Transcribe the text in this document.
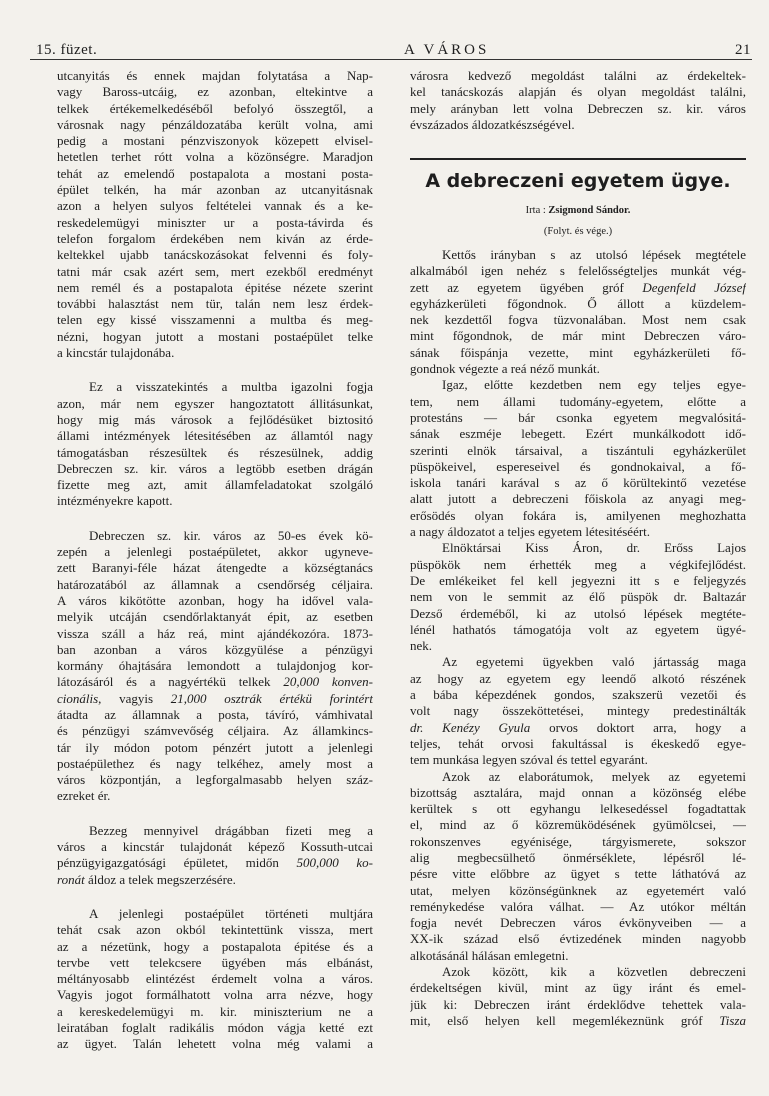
15. füzet.	A VÁROS	21
utcanyitás és ennek majdan folytatása a Nap-
vagy Baross-utcáig, ez azonban, eltekintve a
telkek értékemelkedéséből befolyó összegtől, a
városnak nagy pénzáldozatába került volna, ami
pedig a mostani pénzviszonyok közepett elvisel-
hetetlen terhet rótt volna a közönségre. Maradjon
tehát az emelendő postapalota a mostani posta-
épület telkén, ha már azonban az utcanyitásnak
azon a helyen sulyos feltételei vannak és a ke-
reskedelemügyi miniszter ur a posta-távirda és
telefon forgalom érdekében nem kiván az érde-
keltekkel ujabb tanácskozásokat felvenni és foly-
tatni már csak azért sem, mert ezekből eredményt
nem remél és a postapalota épitése nézete szerint
további halasztást nem tür, talán nem lesz érdek-
telen egy kissé visszamenni a multba és meg-
nézni, hogyan jutott a mostani postaépület telke
a kincstár tulajdonába.
Ez a visszatekintés a multba igazolni fogja
azon, már nem egyszer hangoztatott állitásunkat,
hogy mig más városok a fejlődésüket biztositó
állami intézmények létesitésében az államtól nagy
támogatásban részesültek és részesülnek, addig
Debreczen sz. kir. város a legtöbb esetben drágán
fizette meg azt, amit államfeladatokat szolgáló
intézményekre kapott.
Debreczen sz. kir. város az 50-es évek kö-
zepén a jelenlegi postaépületet, akkor ugyneve-
zett Baranyi-féle házat átengedte a községtanács
határozatából az államnak a csendőrség céljaira.
A város kikötötte azonban, hogy ha idővel vala-
melyik utcáján csendőrlaktanyát épit, az esetben
vissza száll a ház reá, mint ajándékozóra. 1873-
ban azonban a város közgyülése a pénzügyi
kormány óhajtására lemondott a tulajdonjog kor-
látozásáról és a nagyértékü telkek 20,000 konven-
cionális, vagyis 21,000 osztrák értékü forintért
átadta az államnak a posta, távíró, vámhivatal
és pénzügyi számvevőség céljaira. Az államkincs-
tár ily módon potom pénzért jutott a jelenlegi
postaépülethez és nagy telkéhez, amely most a
város központján, a legforgalmasabb helyen száz-
ezreket ér.
Bezzeg mennyivel drágábban fizeti meg a
város a kincstár tulajdonát képező Kossuth-utcai
pénzügyigazgatósági épületet, midőn 500,000 ko-
ronát áldoz a telek megszerzésére.
A jelenlegi postaépület történeti multjára
tehát csak azon okból tekintettünk vissza, mert
az a nézetünk, hogy a postapalota épitése és a
tervbe vett telekcsere ügyében más elbánást,
méltányosabb elintézést érdemelt volna a város.
Vagyis jogot formálhatott volna arra nézve, hogy
a kereskedelemügyi m. kir. miniszterium ne a
leiratában foglalt radikális módon vágja ketté ezt
az ügyet. Talán lehetett volna még valami a
városra kedvező megoldást találni az érdekeltek-
kel tanácskozás alapján és olyan megoldást találni,
mely arányban lett volna Debreczen sz. kir. város
évszázados áldozatkészségével.
A debreczeni egyetem ügye.
Irta : Zsigmond Sándor.
(Folyt. és vége.)
Kettős irányban s az utolsó lépések megtétele
alkalmából igen nehéz s felelősségteljes munkát vég-
zett az egyetem ügyében gróf Degenfeld József
egyházkerületi főgondnok. Ő állott a küzdelem-
nek kezdettől fogva tüzvonalában. Most nem csak
mint főgondnok, de már mint Debreczen váro-
sának főispánja vezette, mint egyházkerületi fő-
gondnok végezte a reá néző munkát.
Igaz, előtte kezdetben nem egy teljes egye-
tem, nem állami tudomány-egyetem, előtte a
protestáns — bár csonka egyetem megvalósitá-
sának eszméje lebegett. Ezért munkálkodott idő-
szerinti elnök társaival, a tiszántuli egyházkerület
püspökeivel, espereseivel és gondnokaival, a fő-
iskola tanári karával s az ő körültekintő vezetése
alatt jutott a debreczeni főiskola az anyagi meg-
erősödés olyan fokára is, amilyenen meghozhatta
a nagy áldozatot a teljes egyetem létesitéséért.
Elnöktársai Kiss Áron, dr. Erőss Lajos
püspökök nem érhették meg a végkifejlődést.
De emlékeiket fel kell jegyezni itt s e feljegyzés
nem von le semmit az élő püspök dr. Baltazár
Dezső érdeméből, ki az utolsó lépések megtéte-
lénél hathatós támogatója volt az egyetem ügyé-
nek.
Az egyetemi ügyekben való jártasság maga
az hogy az egyetem egy leendő alkotó részének
a bába képezdének gondos, szakszerü vezetői és
volt nagy összeköttetései, mintegy predestinálták
dr. Kenézy Gyula orvos doktort arra, hogy a
teljes, tehát orvosi fakultással is ékeskedő egye-
tem munkása legyen szóval és tettel egyaránt.
Azok az elaborátumok, melyek az egyetemi
bizottság asztalára, majd onnan a közönség elébe
kerültek s ott egyhangu lelkesedéssel fogadtattak
el, mind az ő közremüködésének gyümölcsei, —
rokonszenves egyénisége, tárgyismerete, sokszor
alig megbecsülhető önmérséklete, lépésről lé-
pésre vitte előbbre az ügyet s tette láthatóvá az
utat, melyen közönségünknek az egyetemért való
reménykedése valóra válhat. — Az utókor méltán
fogja nevét Debreczen város évkönyveiben — a
XX-ik század első évtizedének minden nagyobb
alkotásánál hálásan emlegetni.
Azok között, kik a közvetlen debreczeni
érdekeltségen kivül, mint az ügy iránt és emel-
jük ki: Debreczen iránt érdeklődve tehettek vala-
mit, első helyen kell megemlékeznünk gróf Tisza
